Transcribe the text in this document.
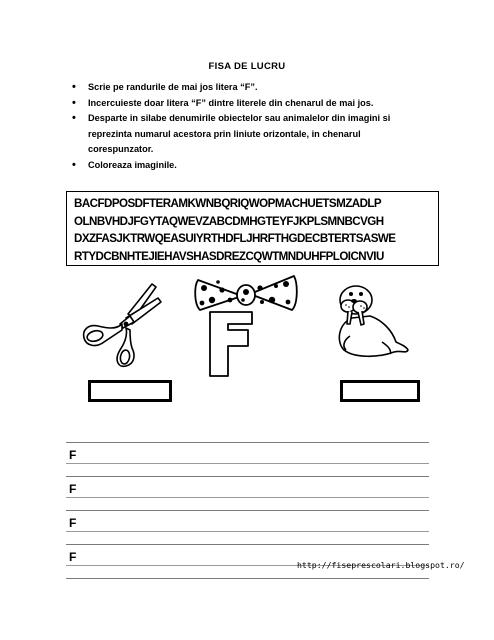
FISA DE LUCRU
• Scrie pe randurile de mai jos litera “F”.
• Incercuieste doar litera “F” dintre literele din chenarul de mai jos.
• Desparte in silabe denumirile obiectelor sau animalelor din imagini si reprezinta numarul acestora prin liniute orizontale, in chenarul corespunzator.
• Coloreaza imaginile.
BACFDPOSDFTERAMKWNBQRIQWOPMACHUETSMZADLP
OLNBVHDJFGYTAQWEVZABCDMHGTEYFJKPLSMNBCVGH
DXZFASJKTRWQEASUIYRTHDFLJHRFTHGDECBTERTSASWE
RTYDCBNHTEJIEHAVSHASDREZCQWTMNDUHFPLOICNVIU
F
F
F
F
http://fiseprescolari.blogspot.ro/
